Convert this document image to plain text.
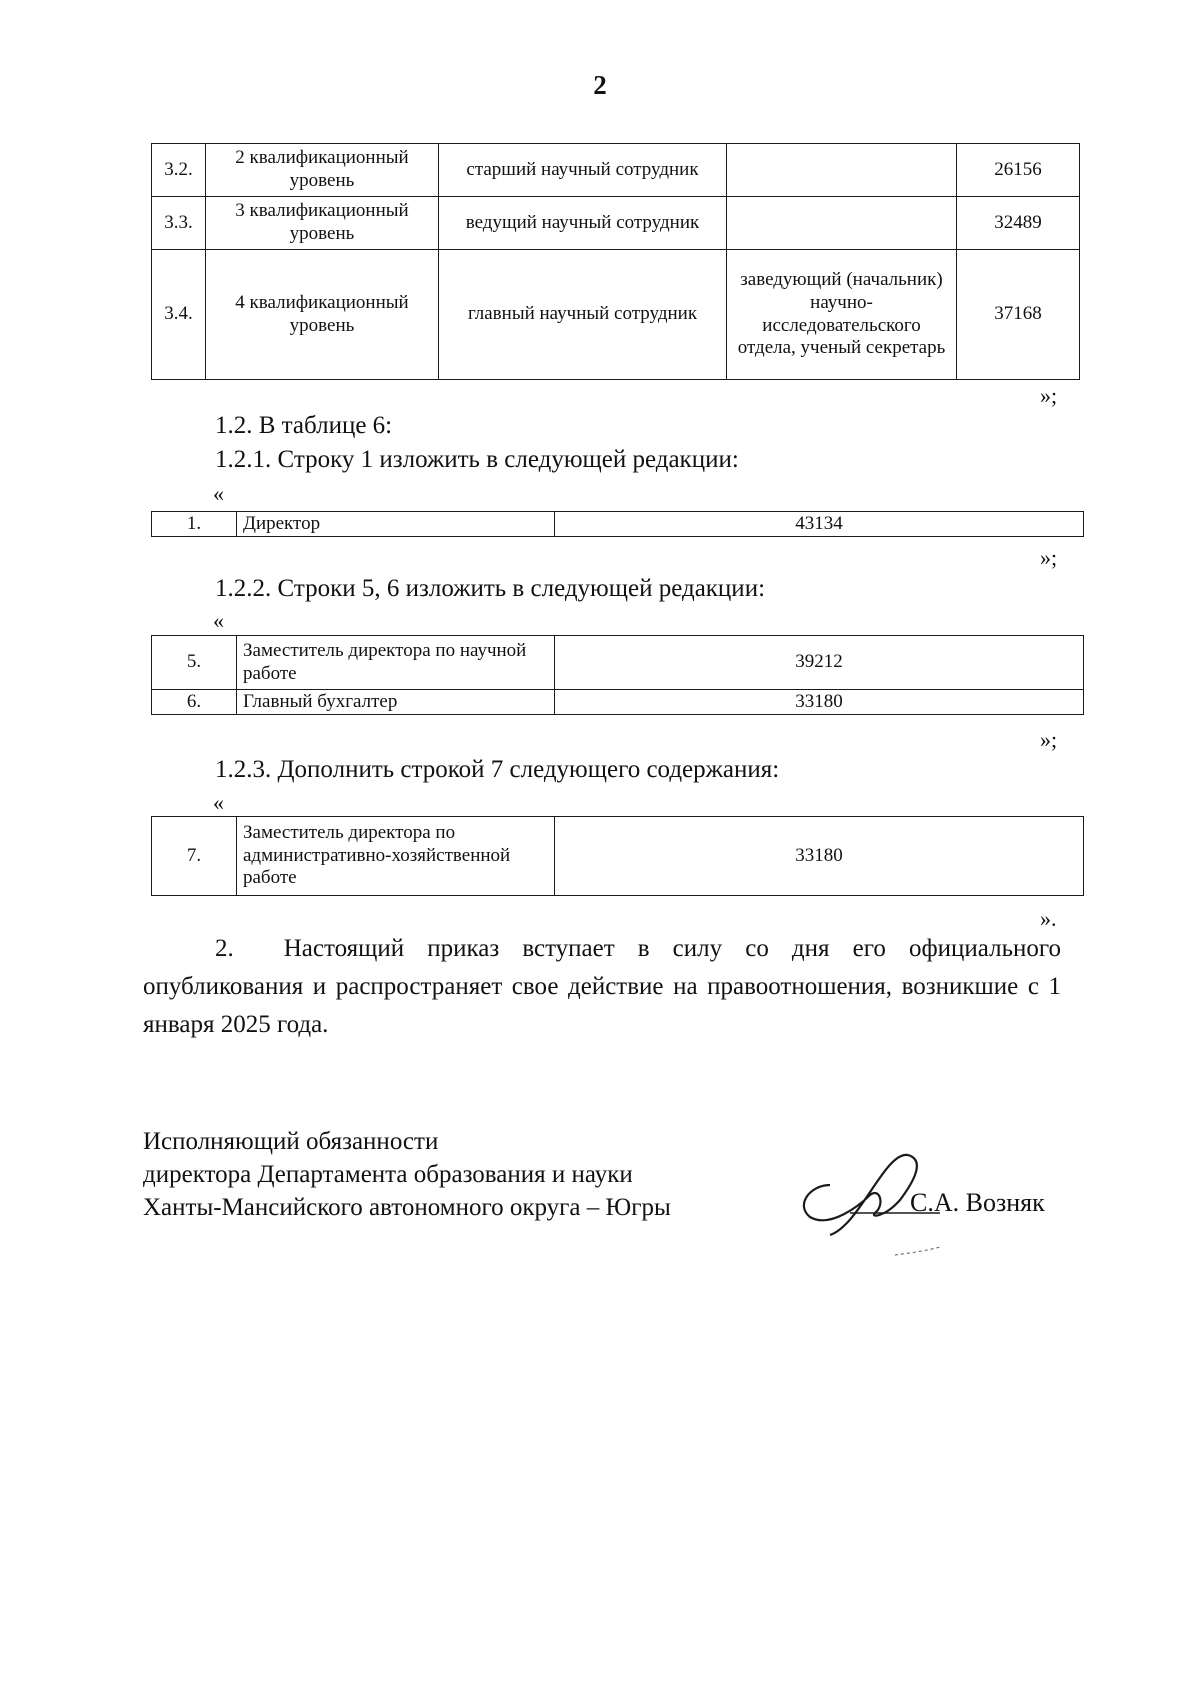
2
3.2.	2 квалификационный уровень	старший научный сотрудник		26156
3.3.	3 квалификационный уровень	ведущий научный сотрудник		32489
3.4.	4 квалификационный уровень	главный научный сотрудник	заведующий (начальник) научно-исследовательского отдела, ученый секретарь	37168
»;
1.2. В таблице 6:
1.2.1. Строку 1 изложить в следующей редакции:
«
1.	Директор	43134
»;
1.2.2. Строки 5, 6 изложить в следующей редакции:
«
5.	Заместитель директора по научной работе	39212
6.	Главный бухгалтер	33180
»;
1.2.3. Дополнить строкой 7 следующего содержания:
«
7.	Заместитель директора по административно-хозяйственной работе	33180
».
2.  Настоящий приказ вступает в силу со дня его официального опубликования и распространяет свое действие на правоотношения, возникшие с 1 января 2025 года.
Исполняющий обязанности
директора Департамента образования и науки
Ханты-Мансийского автономного округа – Югры	С.А. Возняк
